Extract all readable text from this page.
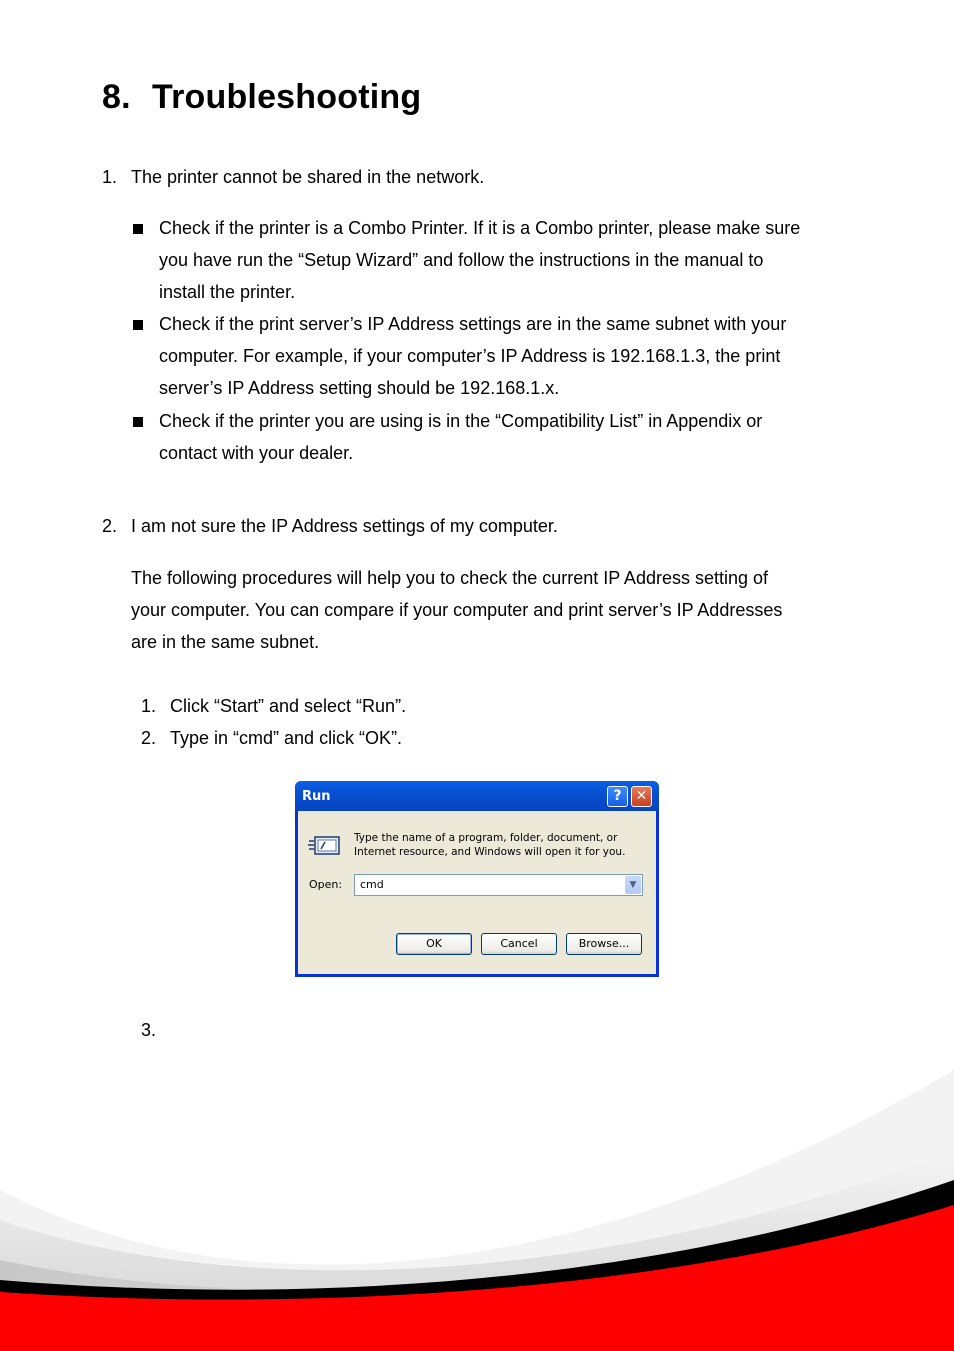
8. Troubleshooting
1. The printer cannot be shared in the network.
Check if the printer is a Combo Printer. If it is a Combo printer, please make sure
you have run the “Setup Wizard” and follow the instructions in the manual to
install the printer.
Check if the print server’s IP Address settings are in the same subnet with your
computer. For example, if your computer’s IP Address is 192.168.1.3, the print
server’s IP Address setting should be 192.168.1.x.
Check if the printer you are using is in the “Compatibility List” in Appendix or
contact with your dealer.
2. I am not sure the IP Address settings of my computer.
The following procedures will help you to check the current IP Address setting of
your computer. You can compare if your computer and print server’s IP Addresses
are in the same subnet.
1. Click “Start” and select “Run”.
2. Type in “cmd” and click “OK”.
Run	?	✕
Type the name of a program, folder, document, or
Internet resource, and Windows will open it for you.
Open: cmd	▼
OK	Cancel	Browse...
3.
